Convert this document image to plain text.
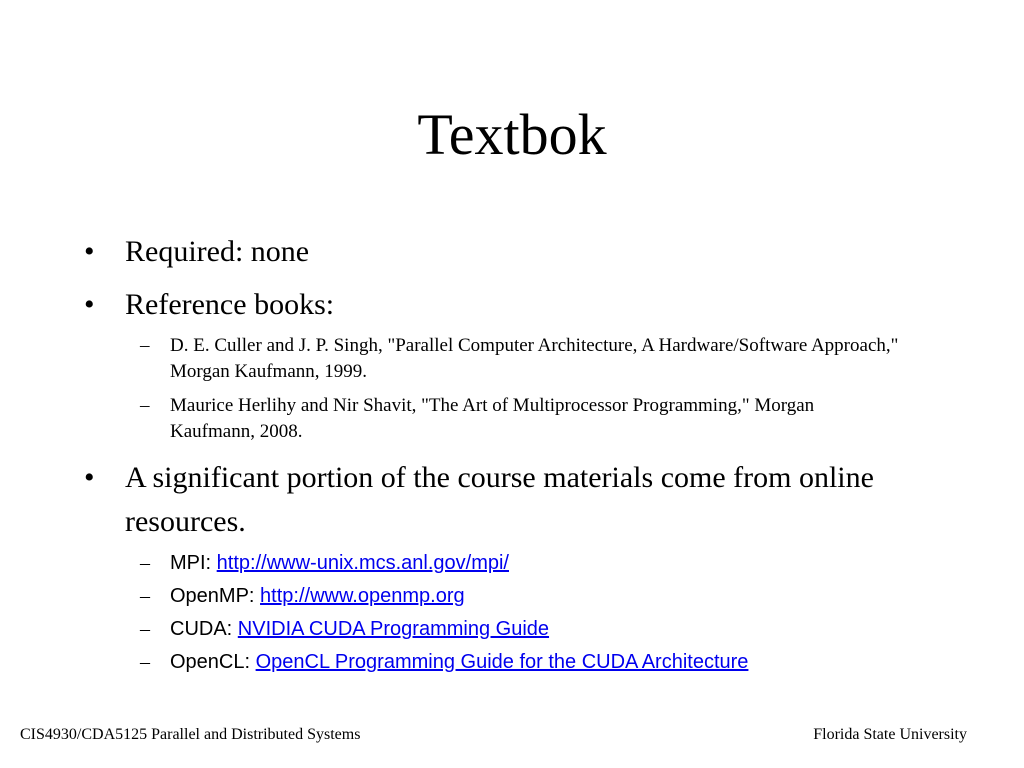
Textbok
• Required: none
• Reference books:
– D. E. Culler and J. P. Singh, "Parallel Computer Architecture, A Hardware/Software Approach," Morgan Kaufmann, 1999.
– Maurice Herlihy and Nir Shavit, "The Art of Multiprocessor Programming," Morgan Kaufmann, 2008.
• A significant portion of the course materials come from online resources.
– MPI: http://www-unix.mcs.anl.gov/mpi/
– OpenMP: http://www.openmp.org
– CUDA: NVIDIA CUDA Programming Guide
– OpenCL: OpenCL Programming Guide for the CUDA Architecture
CIS4930/CDA5125 Parallel and Distributed Systems	Florida State University
